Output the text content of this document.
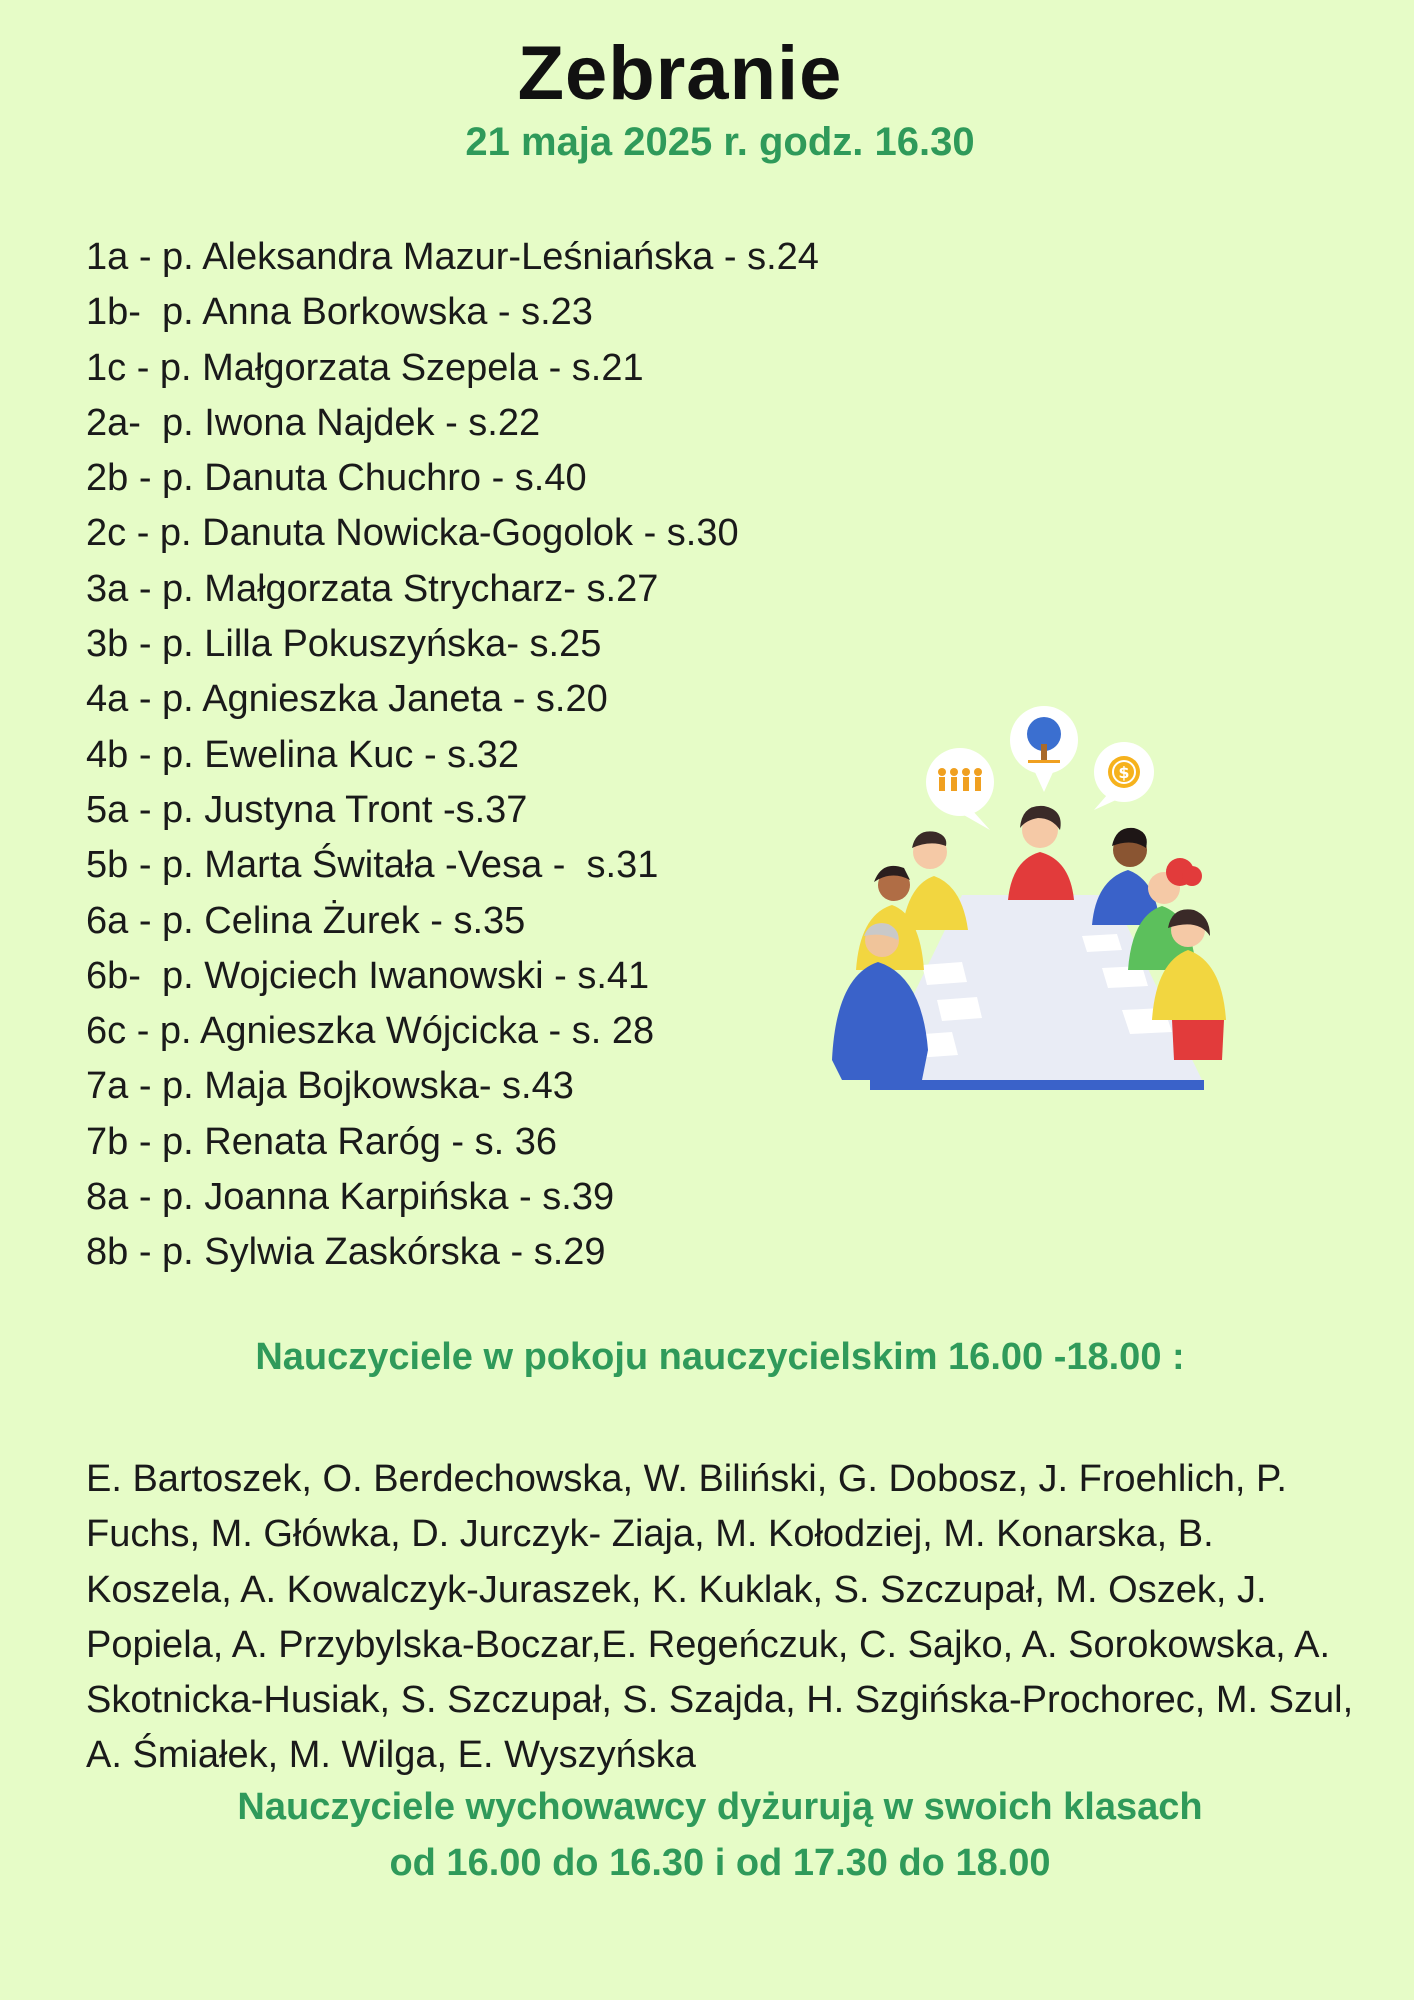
Zebranie
21 maja 2025 r. godz. 16.30
1a - p. Aleksandra Mazur-Leśniańska - s.24
1b-  p. Anna Borkowska - s.23
1c - p. Małgorzata Szepela - s.21
2a-  p. Iwona Najdek - s.22
2b - p. Danuta Chuchro - s.40
2c - p. Danuta Nowicka-Gogolok - s.30
3a - p. Małgorzata Strycharz- s.27
3b - p. Lilla Pokuszyńska- s.25
4a - p. Agnieszka Janeta - s.20
4b - p. Ewelina Kuc - s.32
5a - p. Justyna Tront -s.37
5b - p. Marta Świtała -Vesa -  s.31
6a - p. Celina Żurek - s.35
6b-  p. Wojciech Iwanowski - s.41
6c - p. Agnieszka Wójcicka - s. 28
7a - p. Maja Bojkowska- s.43
7b - p. Renata Raróg - s. 36
8a - p. Joanna Karpińska - s.39
8b - p. Sylwia Zaskórska - s.29
$
Nauczyciele w pokoju nauczycielskim 16.00 -18.00 :

E. Bartoszek, O. Berdechowska, W. Biliński, G. Dobosz, J. Froehlich, P. Fuchs, M. Główka, D. Jurczyk- Ziaja, M. Kołodziej, M. Konarska, B. Koszela, A. Kowalczyk-Juraszek, K. Kuklak, S. Szczupał, M. Oszek, J. Popiela, A. Przybylska-Boczar,E. Regeńczuk, C. Sajko, A. Sorokowska, A. Skotnicka-Husiak, S. Szczupał, S. Szajda, H. Szgińska-Prochorec, M. Szul, A. Śmiałek, M. Wilga, E. Wyszyńska

Nauczyciele wychowawcy dyżurują w swoich klasach
od 16.00 do 16.30 i od 17.30 do 18.00
